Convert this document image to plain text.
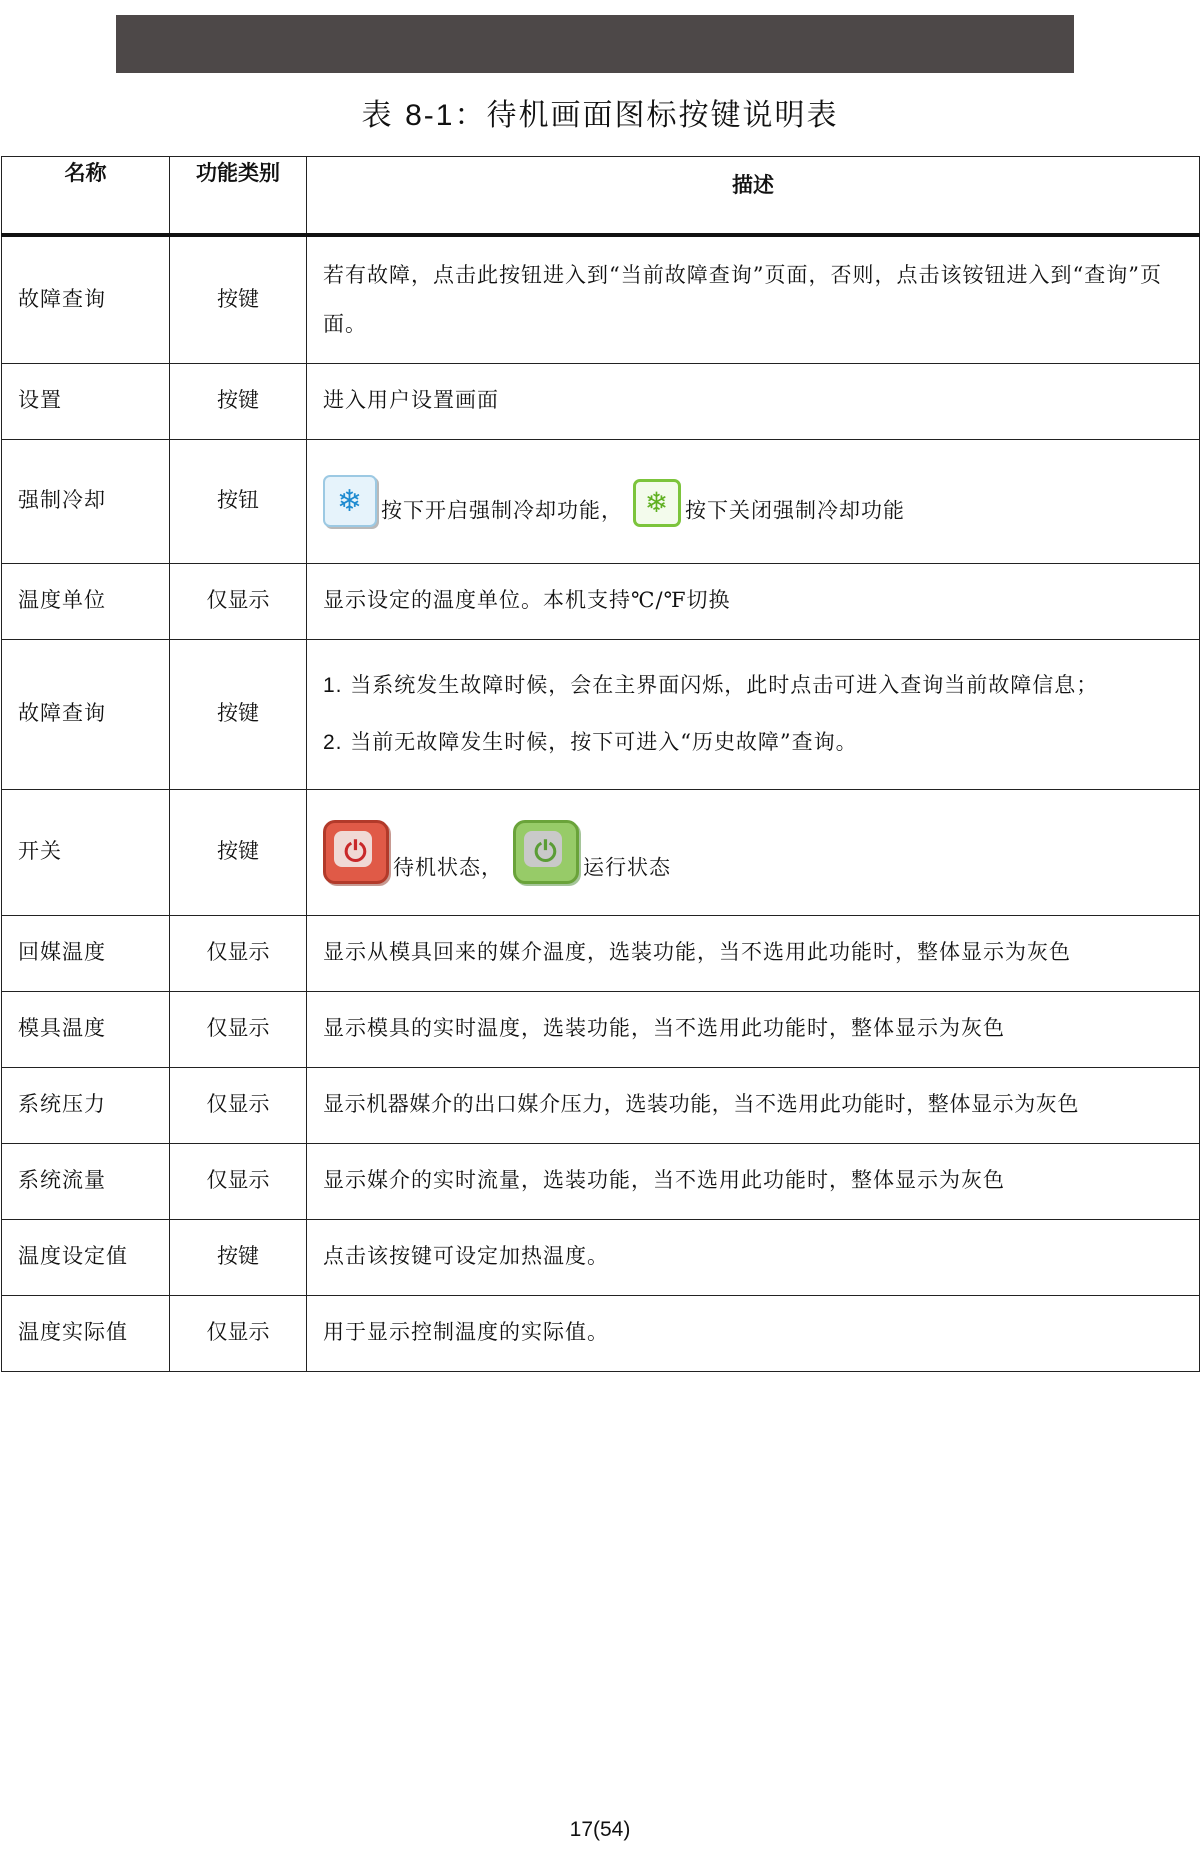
表 8-1：待机画面图标按键说明表
名称	功能类别	描述
故障查询	按键	若有故障，点击此按钮进入到“当前故障查询”页面，否则，点击该铵钮进入到“查询”页面。
设置	按键	进入用户设置画面
强制冷却	按钮	❄ 按下开启强制冷却功能， ❄ 按下关闭强制冷却功能
温度单位	仅显示	显示设定的温度单位。本机支持℃/℉切换
故障查询	按键	1. 当系统发生故障时候，会在主界面闪烁，此时点击可进入查询当前故障信息；
2. 当前无故障发生时候，按下可进入“历史故障”查询。

开关	按键	⏻ 待机状态， ⏻ 运行状态
回媒温度	仅显示	显示从模具回来的媒介温度，选装功能，当不选用此功能时，整体显示为灰色
模具温度	仅显示	显示模具的实时温度，选装功能，当不选用此功能时，整体显示为灰色
系统压力	仅显示	显示机器媒介的出口媒介压力，选装功能，当不选用此功能时，整体显示为灰色
系统流量	仅显示	显示媒介的实时流量，选装功能，当不选用此功能时，整体显示为灰色
温度设定值	按键	点击该按键可设定加热温度。
温度实际值	仅显示	用于显示控制温度的实际值。
17(54)
